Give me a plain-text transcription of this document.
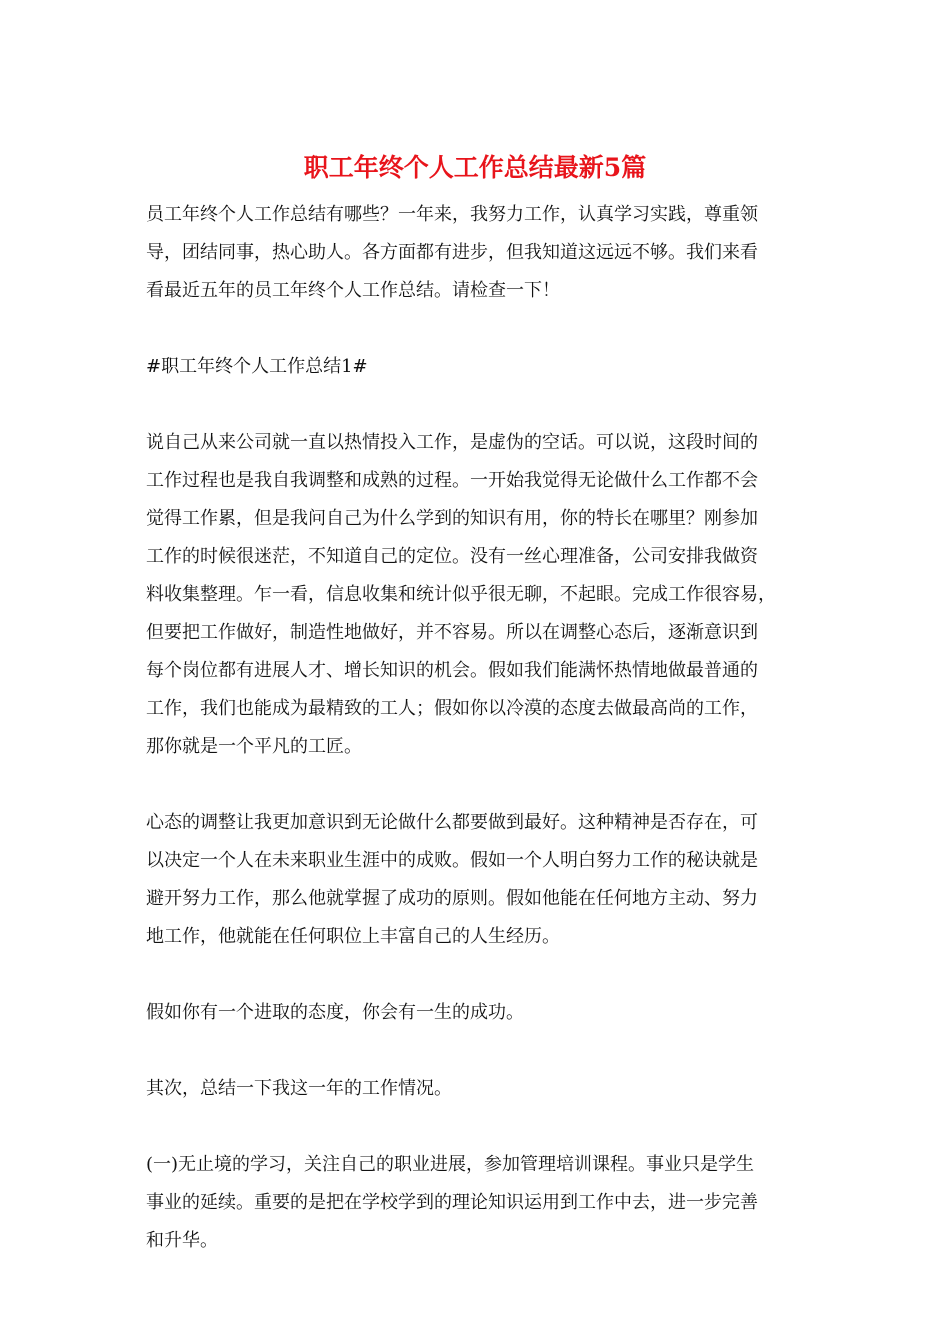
职工年终个人工作总结最新5篇

员工年终个人工作总结有哪些？一年来，我努力工作，认真学习实践，尊重领
导，团结同事，热心助人。各方面都有进步，但我知道这远远不够。我们来看
看最近五年的员工年终个人工作总结。请检查一下！

#职工年终个人工作总结1#

说自己从来公司就一直以热情投入工作，是虚伪的空话。可以说，这段时间的
工作过程也是我自我调整和成熟的过程。一开始我觉得无论做什么工作都不会
觉得工作累，但是我问自己为什么学到的知识有用，你的特长在哪里？刚参加
工作的时候很迷茫，不知道自己的定位。没有一丝心理准备，公司安排我做资
料收集整理。乍一看，信息收集和统计似乎很无聊，不起眼。完成工作很容易，
但要把工作做好，制造性地做好，并不容易。所以在调整心态后，逐渐意识到
每个岗位都有进展人才、增长知识的机会。假如我们能满怀热情地做最普通的
工作，我们也能成为最精致的工人；假如你以冷漠的态度去做最高尚的工作，
那你就是一个平凡的工匠。

心态的调整让我更加意识到无论做什么都要做到最好。这种精神是否存在，可
以决定一个人在未来职业生涯中的成败。假如一个人明白努力工作的秘诀就是
避开努力工作，那么他就掌握了成功的原则。假如他能在任何地方主动、努力
地工作，他就能在任何职位上丰富自己的人生经历。

假如你有一个进取的态度，你会有一生的成功。

其次，总结一下我这一年的工作情况。

(一)无止境的学习，关注自己的职业进展，参加管理培训课程。事业只是学生
事业的延续。重要的是把在学校学到的理论知识运用到工作中去，进一步完善
和升华。
